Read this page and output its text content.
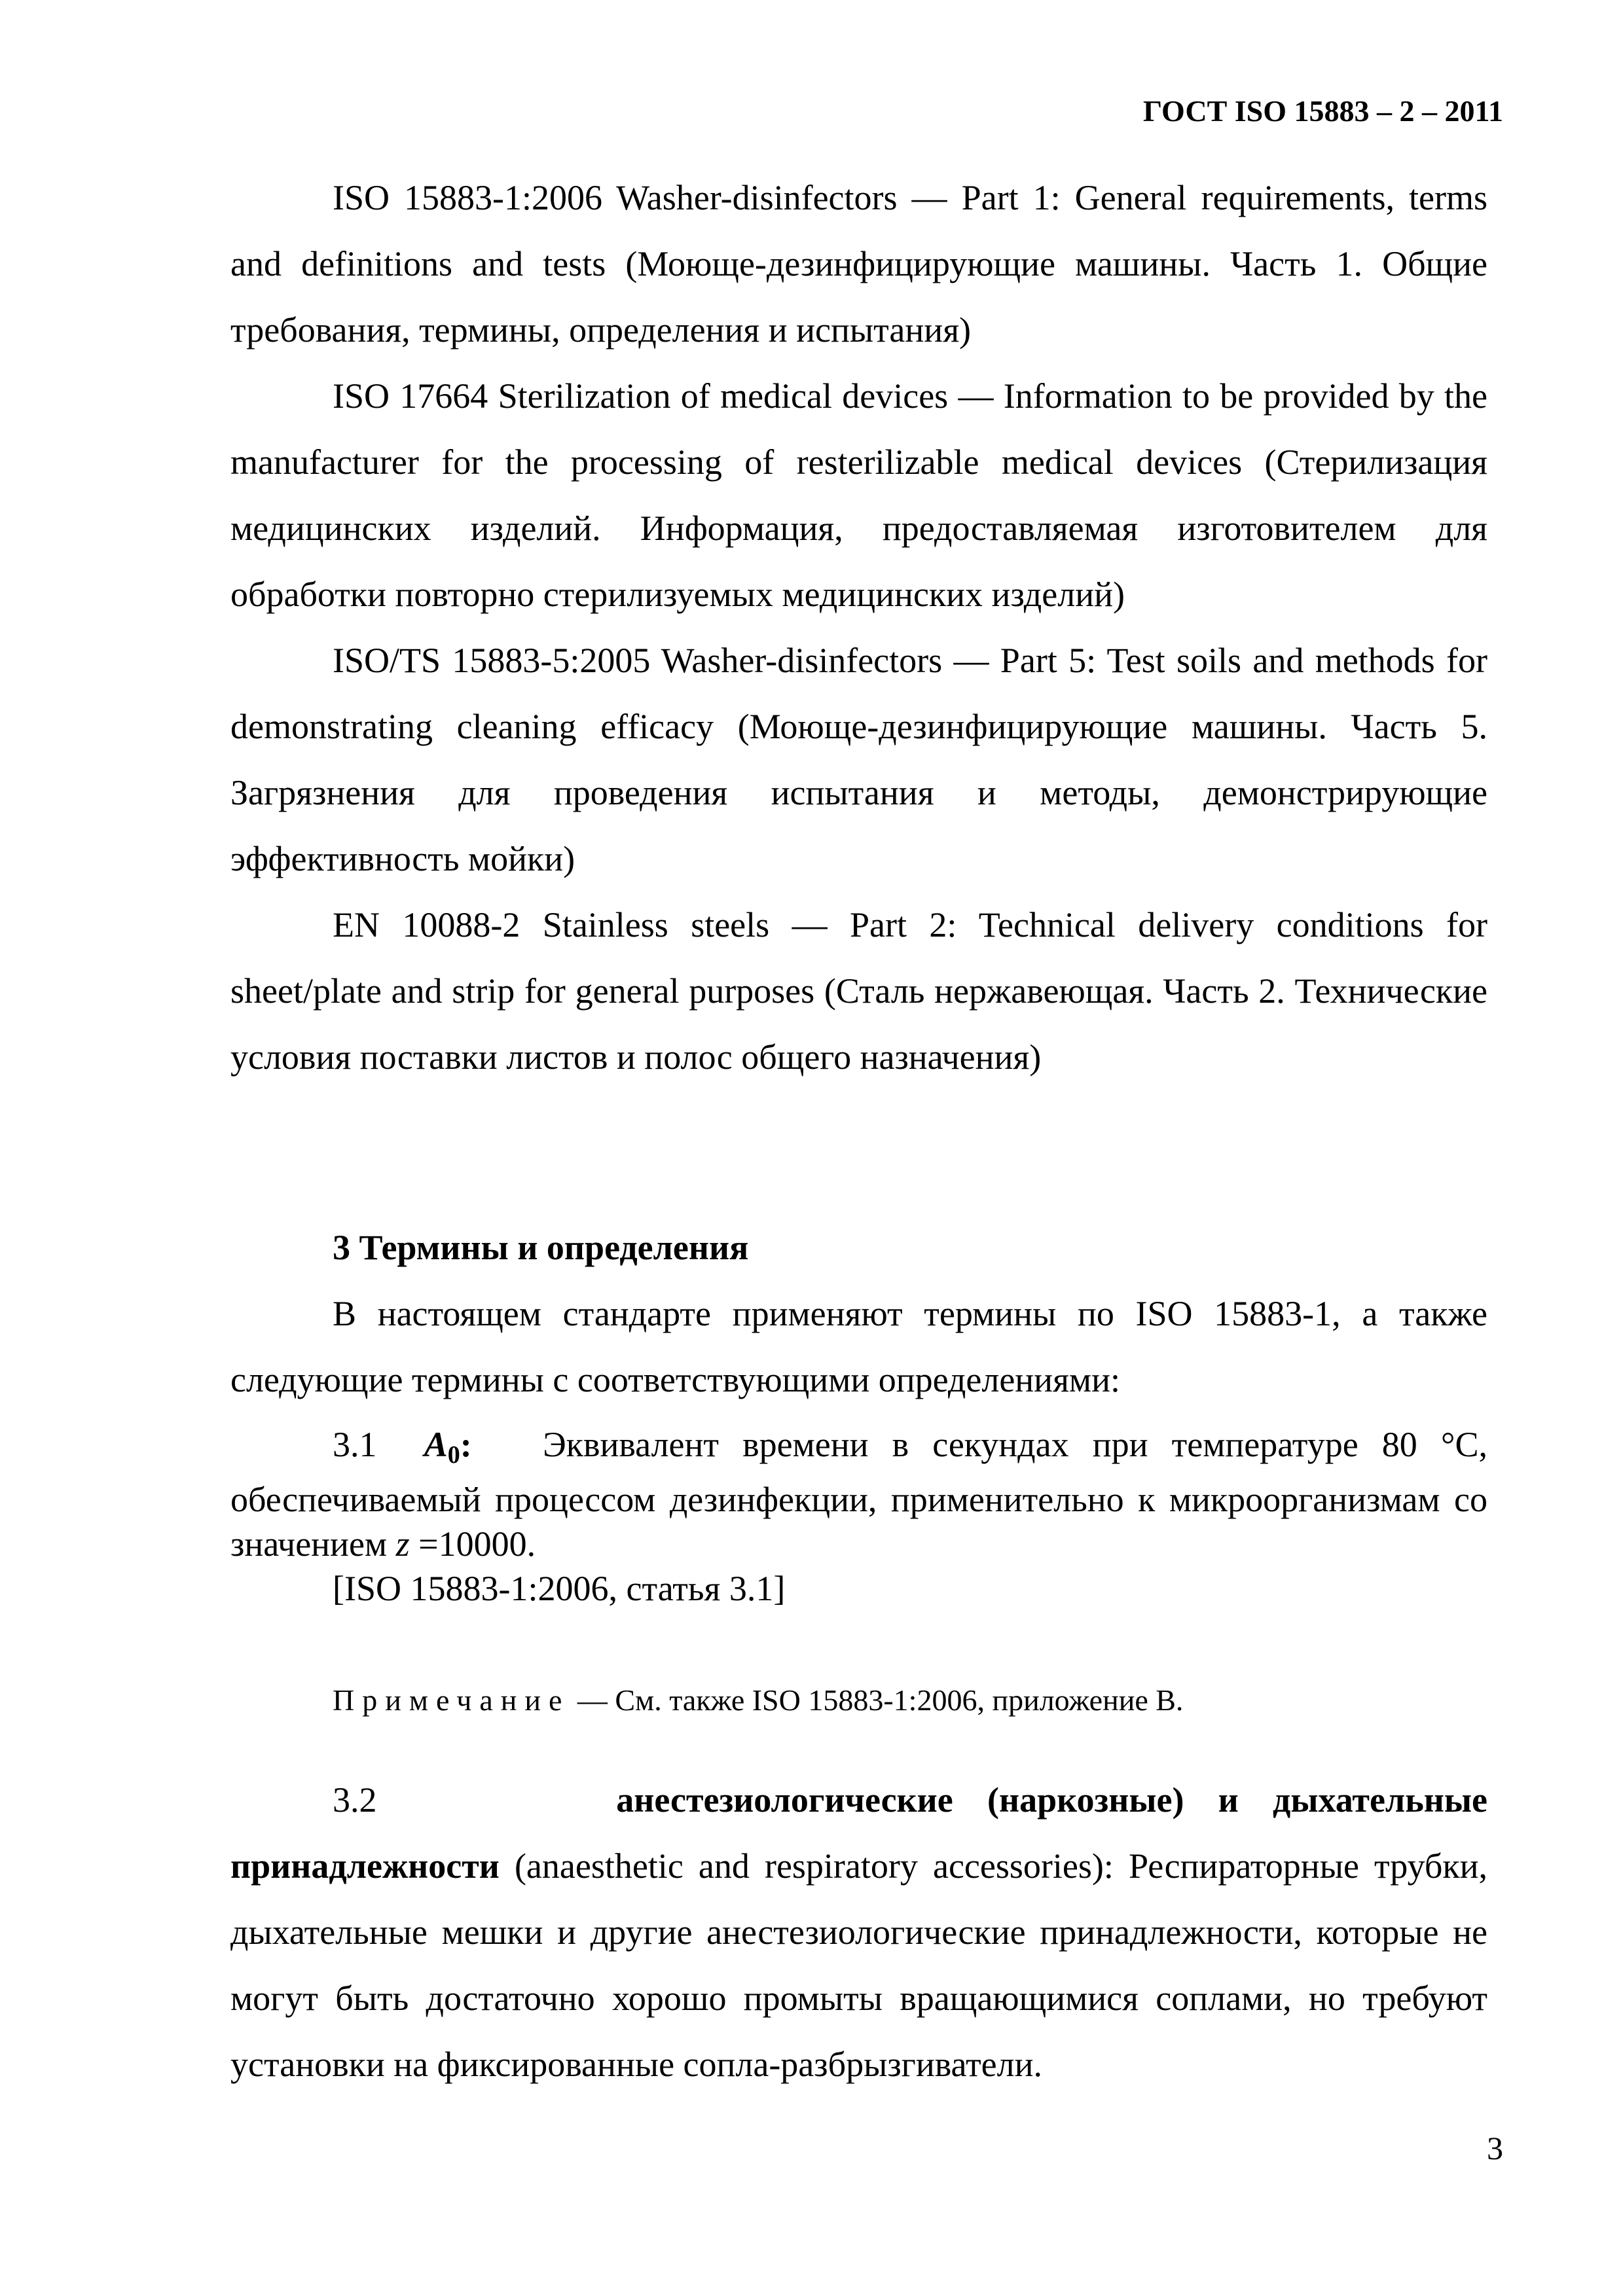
ГОСТ ISO 15883 – 2 – 2011

ISO 15883-1:2006 Washer-disinfectors — Part 1: General requirements, terms and definitions and tests (Моюще-дезинфицирующие машины. Часть 1. Общие требования, термины, определения и испытания)

ISO 17664 Sterilization of medical devices — Information to be provided by the manufacturer for the processing of resterilizable medical devices (Стерилизация медицинских изделий. Информация, предоставляемая изготовителем для обработки повторно стерилизуемых медицинских изделий)

ISO/TS 15883-5:2005 Washer-disinfectors — Part 5: Test soils and methods for demonstrating cleaning efficacy (Моюще-дезинфицирующие машины. Часть 5. Загрязнения для проведения испытания и методы, демонстрирующие эффективность мойки)

EN 10088-2 Stainless steels — Part 2: Technical delivery conditions for sheet/plate and strip for general purposes (Сталь нержавеющая. Часть 2. Технические условия поставки листов и полос общего назначения)

3 Термины и определения

В настоящем стандарте применяют термины по ISO 15883-1, а также следующие термины с соответствующими определениями:

3.1 $A_0$: Эквивалент времени в секундах при температуре 80 °С, обеспечиваемый процессом дезинфекции, применительно к микроорганизмам со значением z =10000.

[ISO 15883-1:2006, статья 3.1]

Примечание — См. также ISO 15883-1:2006, приложение B.

3.2	анестезиологические (наркозные) и дыхательные принадлежности (anaesthetic and respiratory accessories): Респираторные трубки, дыхательные мешки и другие анестезиологические принадлежности, которые не могут быть достаточно хорошо промыты вращающимися соплами, но требуют установки на фиксированные сопла-разбрызгиватели.

3
